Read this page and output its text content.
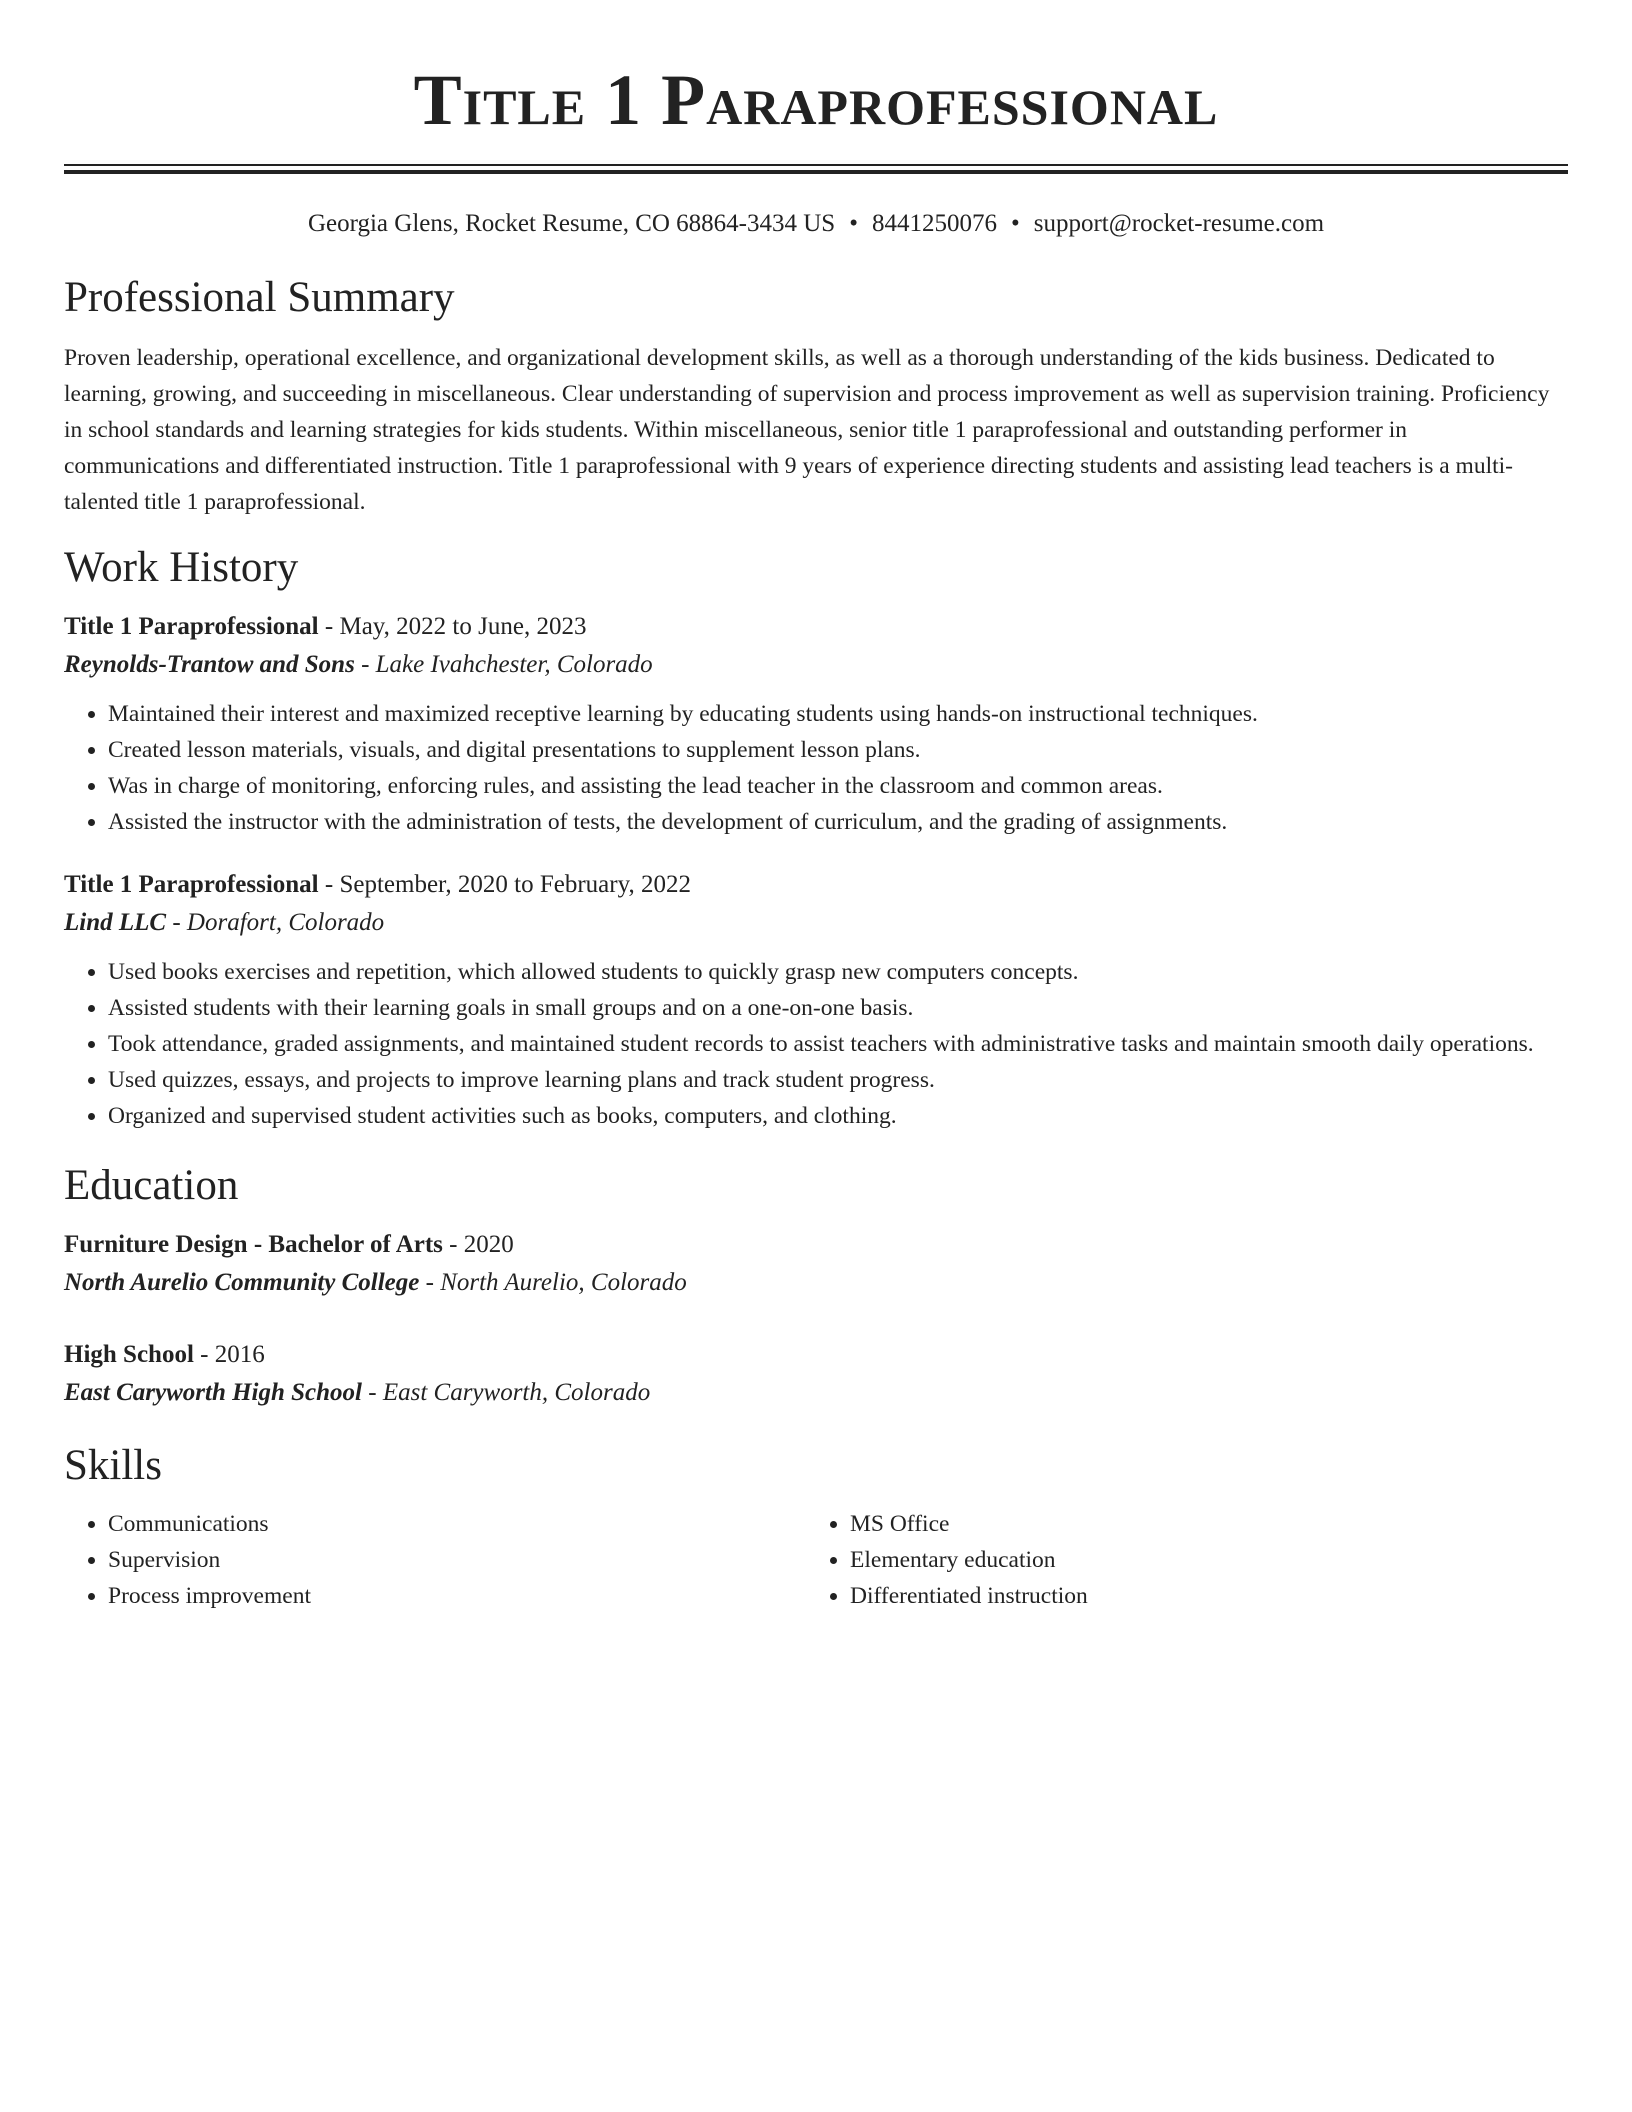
Title 1 Paraprofessional
Georgia Glens, Rocket Resume, CO 68864-3434 US • 8441250076 • support@rocket-resume.com
Professional Summary
Proven leadership, operational excellence, and organizational development skills, as well as a thorough understanding of the kids business. Dedicated to learning, growing, and succeeding in miscellaneous. Clear understanding of supervision and process improvement as well as supervision training. Proficiency in school standards and learning strategies for kids students. Within miscellaneous, senior title 1 paraprofessional and outstanding performer in communications and differentiated instruction. Title 1 paraprofessional with 9 years of experience directing students and assisting lead teachers is a multi-talented title 1 paraprofessional.
Work History
Title 1 Paraprofessional - May, 2022 to June, 2023
Reynolds-Trantow and Sons - Lake Ivahchester, Colorado
• Maintained their interest and maximized receptive learning by educating students using hands-on instructional techniques.
• Created lesson materials, visuals, and digital presentations to supplement lesson plans.
• Was in charge of monitoring, enforcing rules, and assisting the lead teacher in the classroom and common areas.
• Assisted the instructor with the administration of tests, the development of curriculum, and the grading of assignments.
Title 1 Paraprofessional - September, 2020 to February, 2022
Lind LLC - Dorafort, Colorado
• Used books exercises and repetition, which allowed students to quickly grasp new computers concepts.
• Assisted students with their learning goals in small groups and on a one-on-one basis.
• Took attendance, graded assignments, and maintained student records to assist teachers with administrative tasks and maintain smooth daily operations.
• Used quizzes, essays, and projects to improve learning plans and track student progress.
• Organized and supervised student activities such as books, computers, and clothing.
Education
Furniture Design - Bachelor of Arts - 2020
North Aurelio Community College - North Aurelio, Colorado
High School - 2016
East Caryworth High School - East Caryworth, Colorado
Skills
• Communications
• Supervision
• Process improvement
• MS Office
• Elementary education
• Differentiated instruction
